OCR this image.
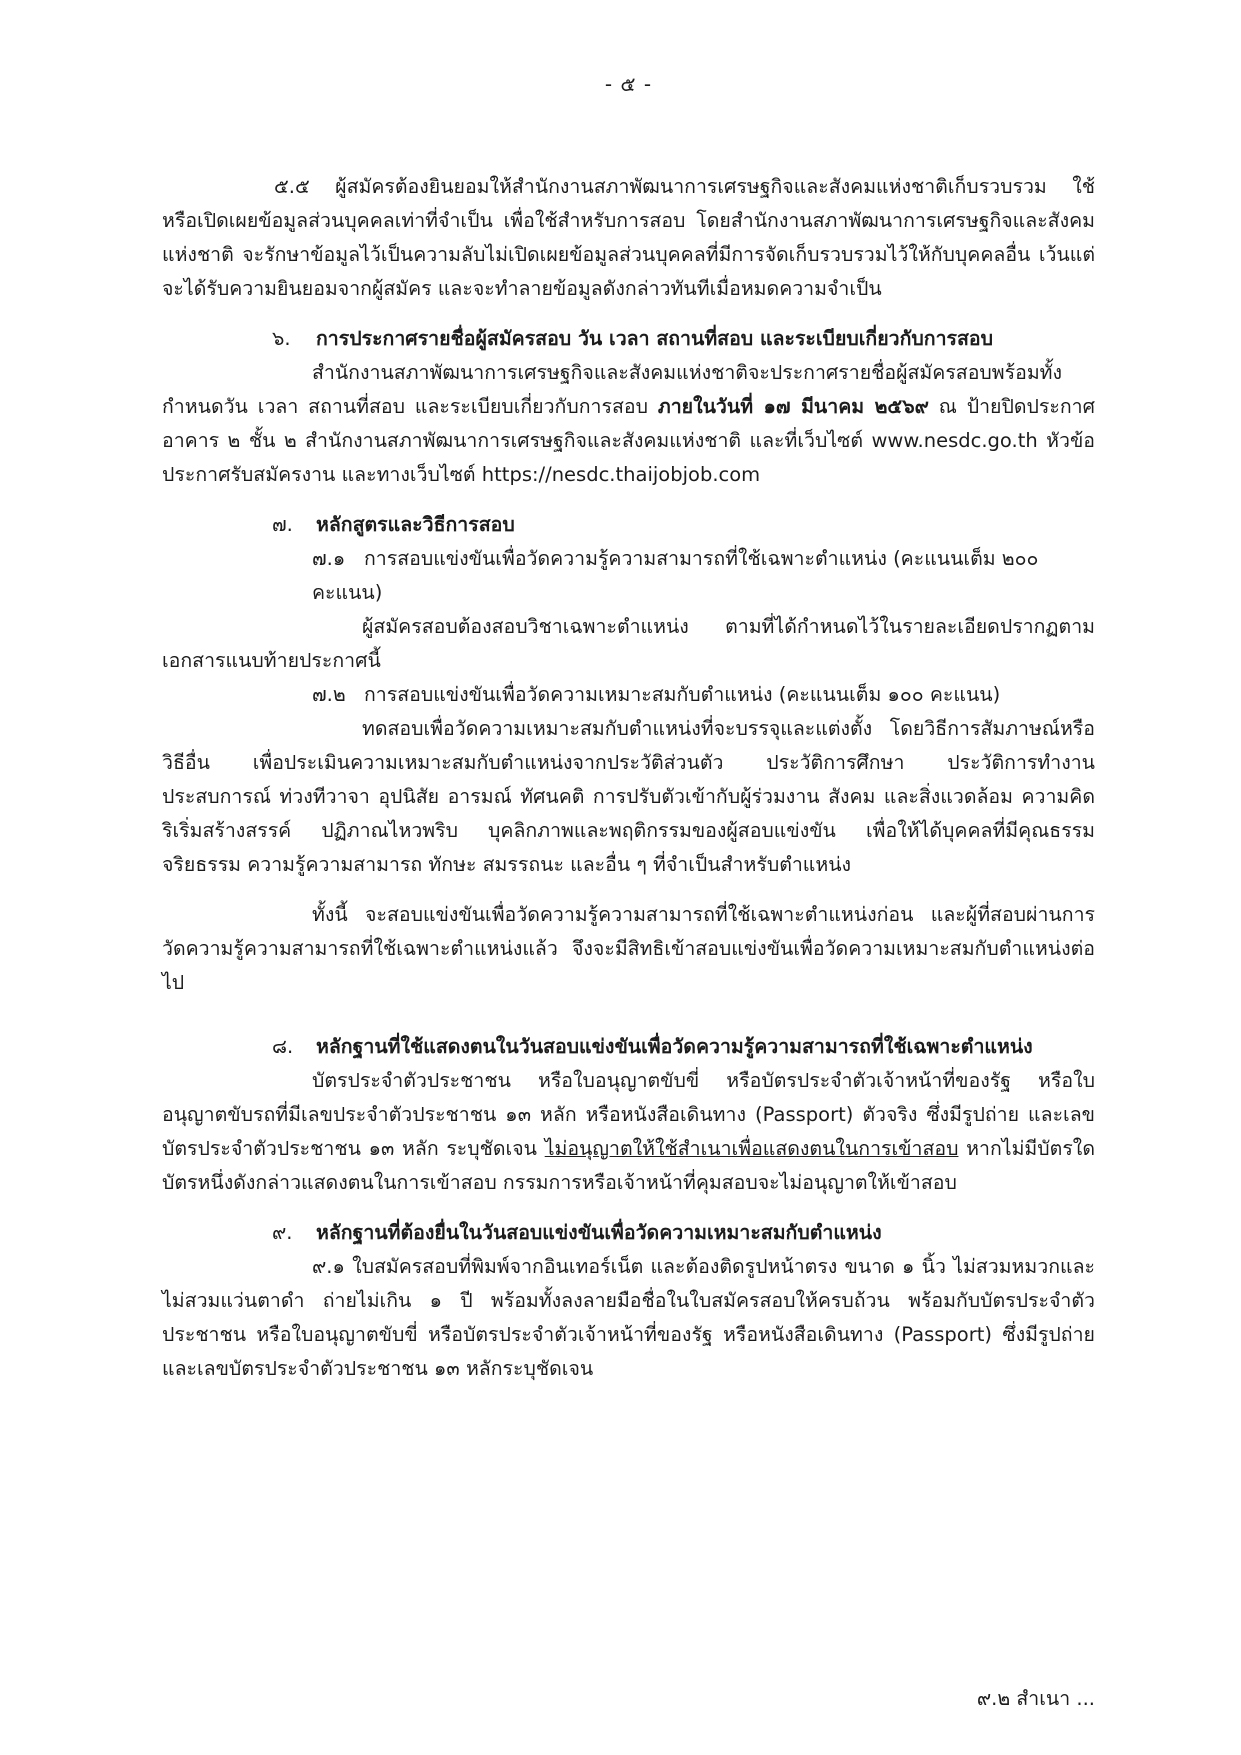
- ๕ -

๕.๕ ผู้สมัครต้องยินยอมให้สำนักงานสภาพัฒนาการเศรษฐกิจและสังคมแห่งชาติเก็บรวบรวม ใช้ หรือเปิดเผยข้อมูลส่วนบุคคลเท่าที่จำเป็น เพื่อใช้สำหรับการสอบ โดยสำนักงานสภาพัฒนาการเศรษฐกิจและสังคมแห่งชาติ จะรักษาข้อมูลไว้เป็นความลับไม่เปิดเผยข้อมูลส่วนบุคคลที่มีการจัดเก็บรวบรวมไว้ให้กับบุคคลอื่น เว้นแต่จะได้รับความยินยอมจากผู้สมัคร และจะทำลายข้อมูลดังกล่าวทันทีเมื่อหมดความจำเป็น

๖. การประกาศรายชื่อผู้สมัครสอบ วัน เวลา สถานที่สอบ และระเบียบเกี่ยวกับการสอบ

สำนักงานสภาพัฒนาการเศรษฐกิจและสังคมแห่งชาติจะประกาศรายชื่อผู้สมัครสอบพร้อมทั้งกำหนดวัน เวลา สถานที่สอบ และระเบียบเกี่ยวกับการสอบ ภายในวันที่ ๑๗ มีนาคม ๒๕๖๙ ณ ป้ายปิดประกาศ อาคาร ๒ ชั้น ๒ สำนักงานสภาพัฒนาการเศรษฐกิจและสังคมแห่งชาติ และที่เว็บไซต์ www.nesdc.go.th หัวข้อประกาศรับสมัครงาน และทางเว็บไซต์ https://nesdc.thaijobjob.com

๗. หลักสูตรและวิธีการสอบ
๗.๑ การสอบแข่งขันเพื่อวัดความรู้ความสามารถที่ใช้เฉพาะตำแหน่ง (คะแนนเต็ม ๒๐๐ คะแนน)

ผู้สมัครสอบต้องสอบวิชาเฉพาะตำแหน่ง ตามที่ได้กำหนดไว้ในรายละเอียดปรากฏตามเอกสารแนบท้ายประกาศนี้

๗.๒ การสอบแข่งขันเพื่อวัดความเหมาะสมกับตำแหน่ง (คะแนนเต็ม ๑๐๐ คะแนน)

ทดสอบเพื่อวัดความเหมาะสมกับตำแหน่งที่จะบรรจุและแต่งตั้ง โดยวิธีการสัมภาษณ์หรือวิธีอื่น เพื่อประเมินความเหมาะสมกับตำแหน่งจากประวัติส่วนตัว ประวัติการศึกษา ประวัติการทำงาน ประสบการณ์ ท่วงทีวาจา อุปนิสัย อารมณ์ ทัศนคติ การปรับตัวเข้ากับผู้ร่วมงาน สังคม และสิ่งแวดล้อม ความคิดริเริ่มสร้างสรรค์ ปฏิภาณไหวพริบ บุคลิกภาพและพฤติกรรมของผู้สอบแข่งขัน เพื่อให้ได้บุคคลที่มีคุณธรรม จริยธรรม ความรู้ความสามารถ ทักษะ สมรรถนะ และอื่น ๆ ที่จำเป็นสำหรับตำแหน่ง

ทั้งนี้ จะสอบแข่งขันเพื่อวัดความรู้ความสามารถที่ใช้เฉพาะตำแหน่งก่อน และผู้ที่สอบผ่านการวัดความรู้ความสามารถที่ใช้เฉพาะตำแหน่งแล้ว จึงจะมีสิทธิเข้าสอบแข่งขันเพื่อวัดความเหมาะสมกับตำแหน่งต่อไป

๘. หลักฐานที่ใช้แสดงตนในวันสอบแข่งขันเพื่อวัดความรู้ความสามารถที่ใช้เฉพาะตำแหน่ง

บัตรประจำตัวประชาชน หรือใบอนุญาตขับขี่ หรือบัตรประจำตัวเจ้าหน้าที่ของรัฐ หรือใบอนุญาตขับรถที่มีเลขประจำตัวประชาชน ๑๓ หลัก หรือหนังสือเดินทาง (Passport) ตัวจริง ซึ่งมีรูปถ่าย และเลขบัตรประจำตัวประชาชน ๑๓ หลัก ระบุชัดเจน ไม่อนุญาตให้ใช้สำเนาเพื่อแสดงตนในการเข้าสอบ หากไม่มีบัตรใดบัตรหนึ่งดังกล่าวแสดงตนในการเข้าสอบ กรรมการหรือเจ้าหน้าที่คุมสอบจะไม่อนุญาตให้เข้าสอบ

๙. หลักฐานที่ต้องยื่นในวันสอบแข่งขันเพื่อวัดความเหมาะสมกับตำแหน่ง

๙.๑ ใบสมัครสอบที่พิมพ์จากอินเทอร์เน็ต และต้องติดรูปหน้าตรง ขนาด ๑ นิ้ว ไม่สวมหมวกและไม่สวมแว่นตาดำ ถ่ายไม่เกิน ๑ ปี พร้อมทั้งลงลายมือชื่อในใบสมัครสอบให้ครบถ้วน พร้อมกับบัตรประจำตัวประชาชน หรือใบอนุญาตขับขี่ หรือบัตรประจำตัวเจ้าหน้าที่ของรัฐ หรือหนังสือเดินทาง (Passport) ซึ่งมีรูปถ่าย และเลขบัตรประจำตัวประชาชน ๑๓ หลักระบุชัดเจน

๙.๒ สำเนา ...
